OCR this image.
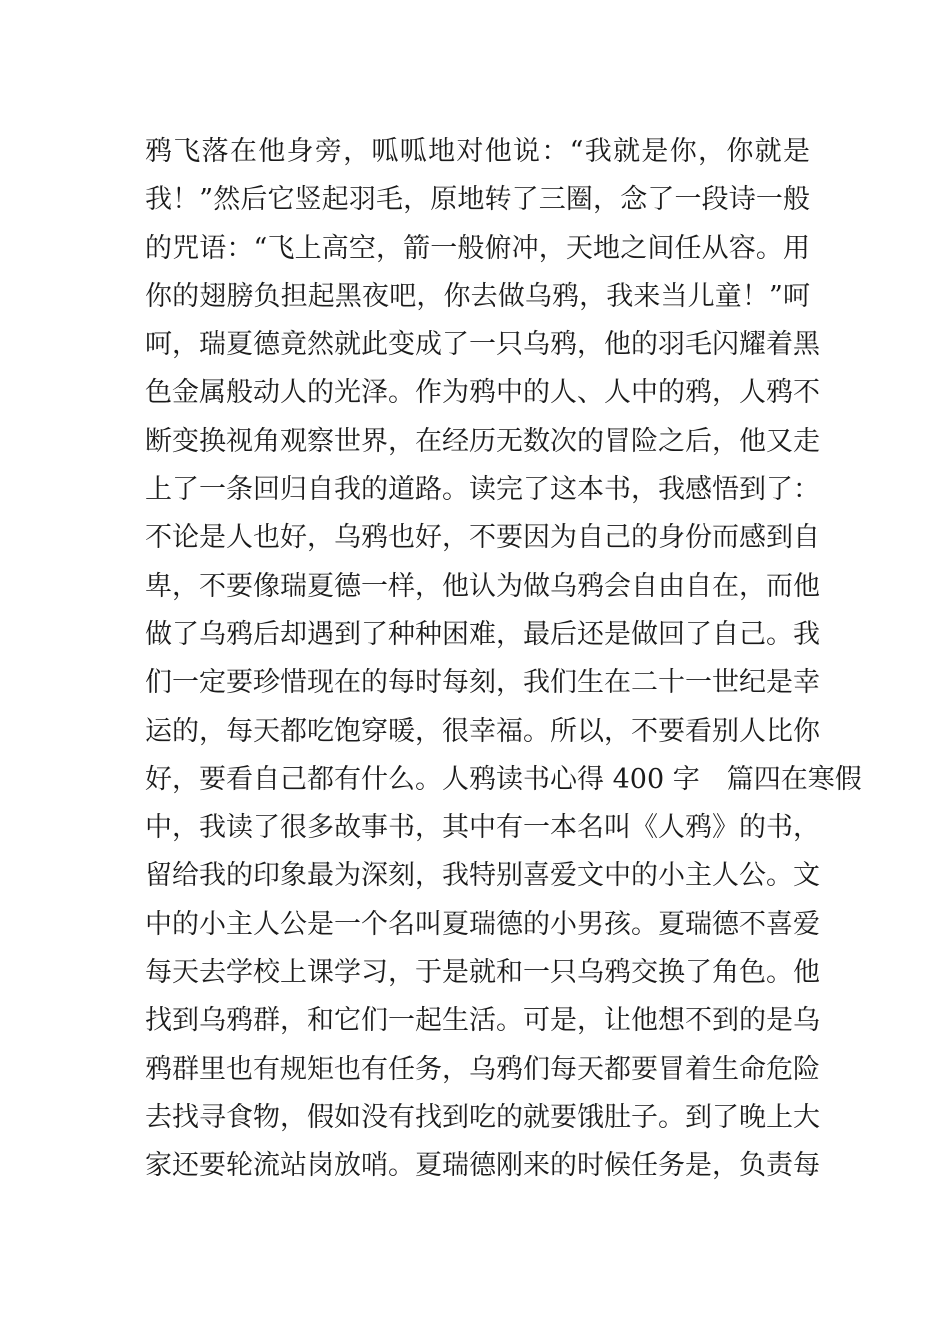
鸦飞落在他身旁，呱呱地对他说：“我就是你，你就是
我！”然后它竖起羽毛，原地转了三圈，念了一段诗一般
的咒语：“飞上高空，箭一般俯冲，天地之间任从容。用
你的翅膀负担起黑夜吧，你去做乌鸦，我来当儿童！”呵
呵，瑞夏德竟然就此变成了一只乌鸦，他的羽毛闪耀着黑
色金属般动人的光泽。作为鸦中的人、人中的鸦，人鸦不
断变换视角观察世界，在经历无数次的冒险之后，他又走
上了一条回归自我的道路。读完了这本书，我感悟到了：
不论是人也好，乌鸦也好，不要因为自己的身份而感到自
卑，不要像瑞夏德一样，他认为做乌鸦会自由自在，而他
做了乌鸦后却遇到了种种困难，最后还是做回了自己。我
们一定要珍惜现在的每时每刻，我们生在二十一世纪是幸
运的，每天都吃饱穿暖，很幸福。所以，不要看别人比你
好，要看自己都有什么。人鸦读书心得 400 字　篇四在寒假
中，我读了很多故事书，其中有一本名叫《人鸦》的书，
留给我的印象最为深刻，我特别喜爱文中的小主人公。文
中的小主人公是一个名叫夏瑞德的小男孩。夏瑞德不喜爱
每天去学校上课学习，于是就和一只乌鸦交换了角色。他
找到乌鸦群，和它们一起生活。可是，让他想不到的是乌
鸦群里也有规矩也有任务，乌鸦们每天都要冒着生命危险
去找寻食物，假如没有找到吃的就要饿肚子。到了晚上大
家还要轮流站岗放哨。夏瑞德刚来的时候任务是，负责每
